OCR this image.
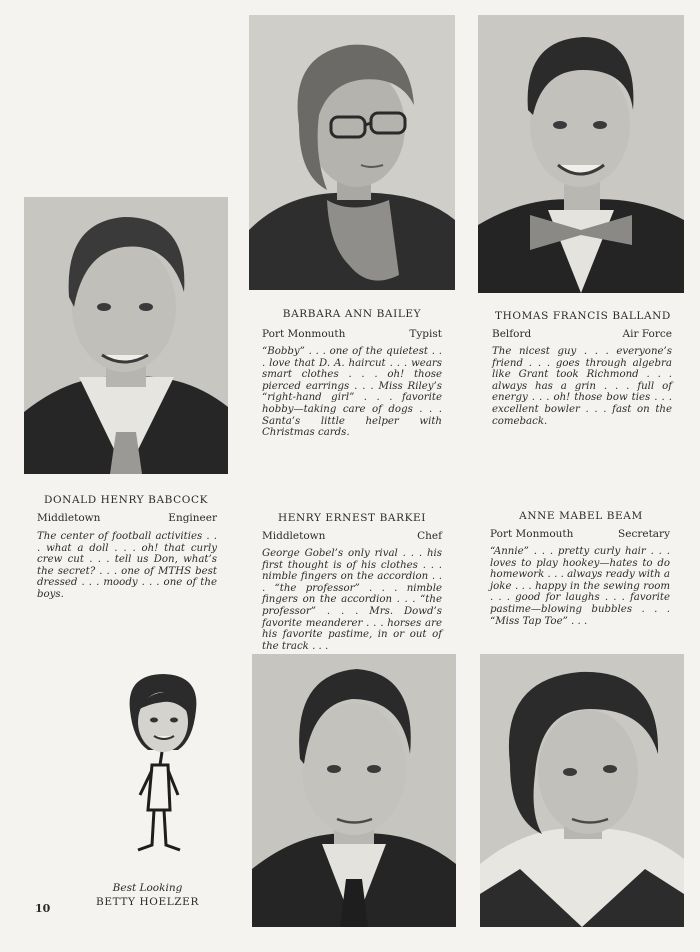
BARBARA ANN BAILEY
Port Monmouth	Typist
“Bobby” . . . one of the quietest . . . love that D. A. haircut . . . wears smart clothes . . . oh! those pierced earrings . . . Miss Riley’s “right-hand girl” . . . favorite hobby—taking care of dogs . . . Santa’s little helper with Christmas cards.
THOMAS FRANCIS BALLAND
Belford	Air Force
The nicest guy . . . everyone’s friend . . . goes through algebra like Grant took Richmond . . . always has a grin . . . full of energy . . . oh! those bow ties . . . excellent bowler . . . fast on the comeback.
DONALD HENRY BABCOCK
Middletown	Engineer
The center of football activities . . . what a doll . . . oh! that curly crew cut . . . tell us Don, what’s the secret? . . . one of MTHS best dressed . . . moody . . . one of the boys.
HENRY ERNEST BARKEI
Middletown	Chef
George Gobel’s only rival . . . his first thought is of his clothes . . . nimble fingers on the accordion . . . “the professor” . . . nimble fingers on the accordion . . . “the professor” . . . Mrs. Dowd’s favorite meanderer . . . horses are his favorite pastime, in or out of the track . . .
ANNE MABEL BEAM
Port Monmouth	Secretary
“Annie” . . . pretty curly hair . . . loves to play hookey—hates to do homework . . . always ready with a joke . . . happy in the sewing room . . . good for laughs . . . favorite pastime—blowing bubbles . . . “Miss Tap Toe” . . .
Best Looking
BETTY HOELZER
10
